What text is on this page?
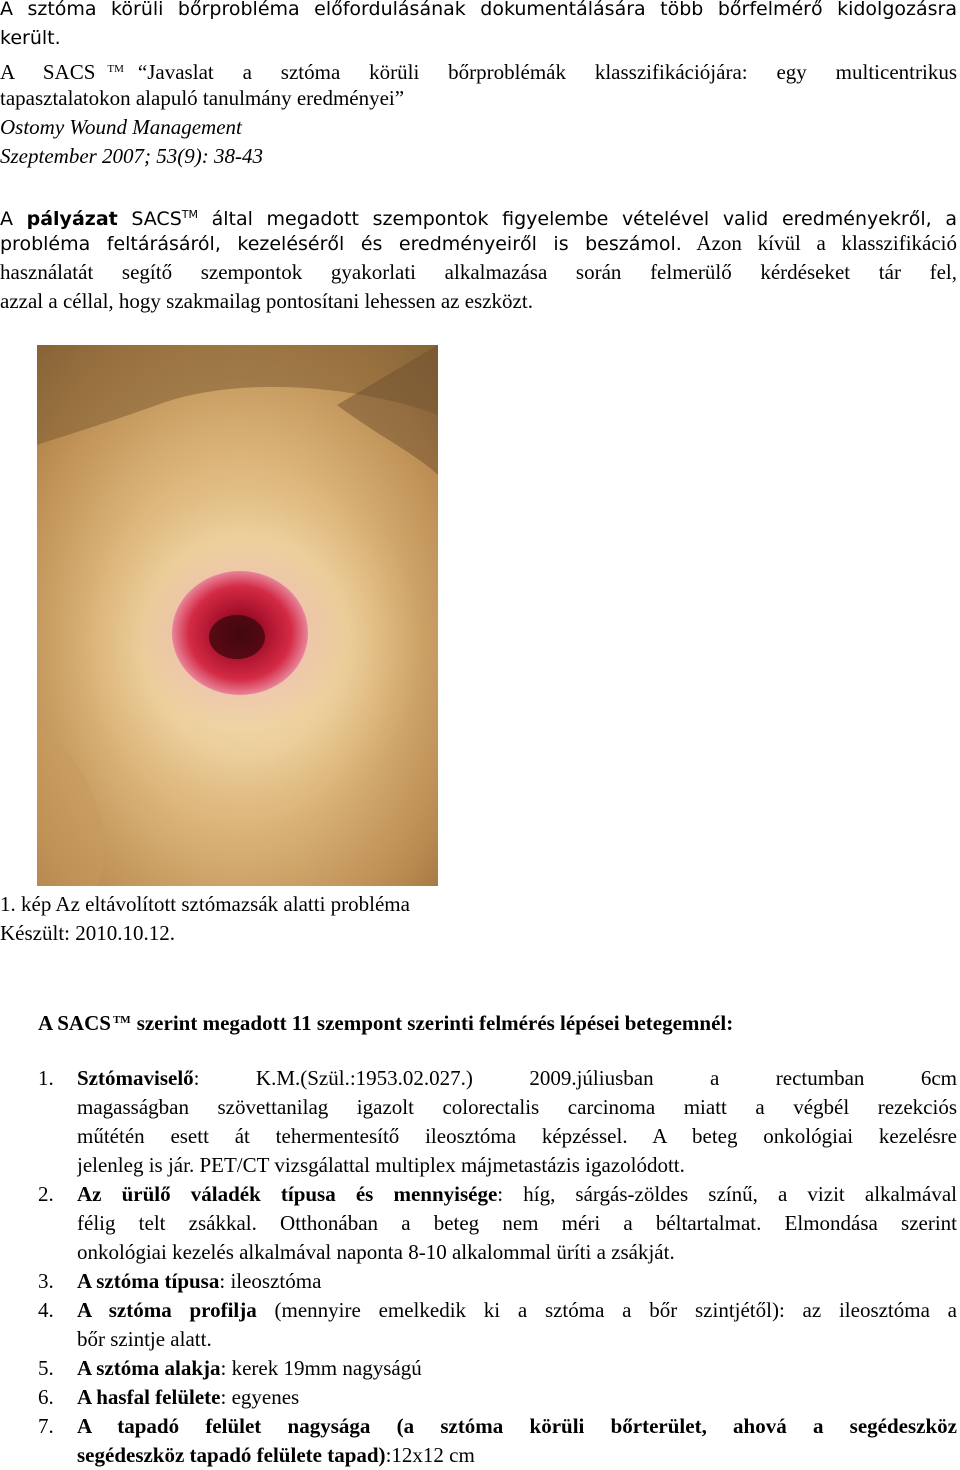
A sztóma körüli bőrprobléma előfordulásának dokumentálására több bőrfelmérő kidolgozásra
került.
A SACS ™ “Javaslat a sztóma körüli bőrproblémák klasszifikációjára: egy multicentrikus
tapasztalatokon alapuló tanulmány eredményei”
Ostomy Wound Management
Szeptember 2007; 53(9): 38-43
A pályázat SACS™ által megadott szempontok figyelembe vételével valid eredményekről, a
probléma feltárásáról, kezeléséről és eredményeiről is beszámol. Azon kívül a klasszifikáció
használatát segítő szempontok gyakorlati alkalmazása során felmerülő kérdéseket tár fel,
azzal a céllal, hogy szakmailag pontosítani lehessen az eszközt.
1. kép Az eltávolított sztómazsák alatti probléma
Készült: 2010.10.12.
A SACS ™ szerint megadott 11 szempont szerinti felmérés lépései betegemnél:
1. Sztómaviselő: K.M.(Szül.:1953.02.027.) 2009.júliusban a rectumban 6cm
magasságban szövettanilag igazolt colorectalis carcinoma miatt a végbél rezekciós
műtétén esett át tehermentesítő ileosztóma képzéssel. A beteg onkológiai kezelésre
jelenleg is jár. PET/CT vizsgálattal multiplex májmetastázis igazolódott.
2. Az ürülő váladék típusa és mennyisége: híg, sárgás-zöldes színű, a vizit alkalmával
félig telt zsákkal. Otthonában a beteg nem méri a béltartalmat. Elmondása szerint
onkológiai kezelés alkalmával naponta 8-10 alkalommal üríti a zsákját.
3. A sztóma típusa: ileosztóma
4. A sztóma profilja (mennyire emelkedik ki a sztóma a bőr szintjétől): az ileosztóma a
bőr szintje alatt.
5. A sztóma alakja: kerek 19mm nagyságú
6. A hasfal felülete: egyenes
7. A tapadó felület nagysága (a sztóma körüli bőrterület, ahová a segédeszköz
segédeszköz tapadó felülete tapad):12x12 cm
